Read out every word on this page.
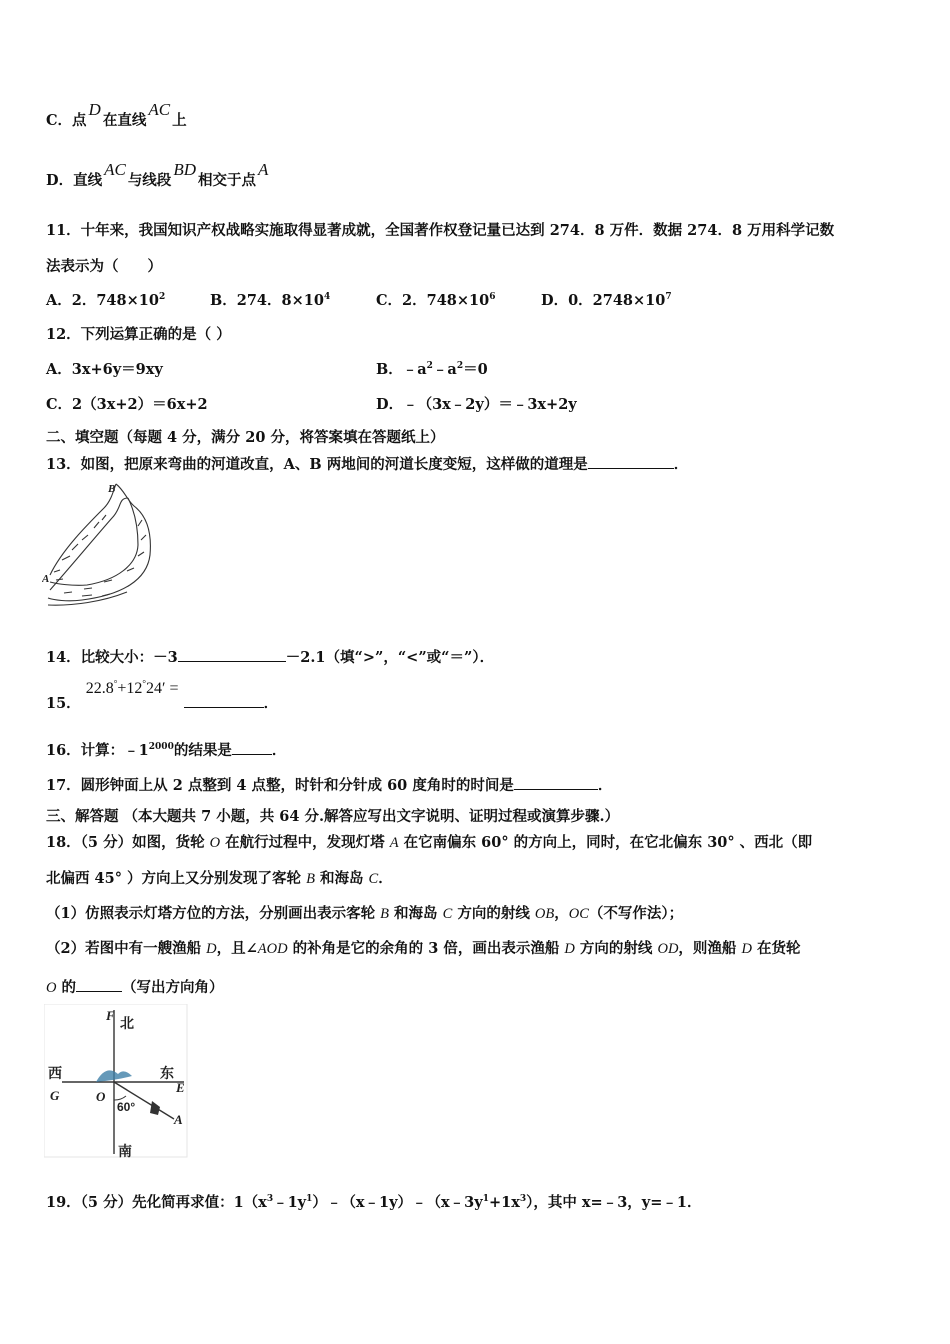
C．点D在直线AC上
D．直线AC与线段BD相交于点A
11．十年来，我国知识产权战略实施取得显著成就，全国著作权登记量已达到 274．8 万件．数据 274．8 万用科学记数
法表示为（　　）
A．2．$748\times 10^2$	B．274．$8\times 10^4$	C．2．$748\times 10^6$	D．0．$2748\times 10^7$
12．下列运算正确的是（ ）
A．3x+6y＝9xy	B．$﹣a^2﹣a^2=0$
C．2（3x+2）＝6x+2	D．﹣（3x﹣2y）＝﹣3x+2y
二、填空题（每题 4 分，满分 20 分，将答案填在答题纸上）
13．如图，把原来弯曲的河道改直，A、B 两地间的河道长度变短，这样做的道理是	．
B
A
14．比较大小：－3	－2.1（填“>”，“<”或“＝”）．
15． 22.8°+12°24′ = ．
16．计算：$﹣1^{2000}$的结果是	．
17．圆形钟面上从 2 点整到 4 点整，时针和分针成 60 度角时的时间是	．
三、解答题 （本大题共 7 小题，共 64 分.解答应写出文字说明、证明过程或演算步骤.）
18．（5 分）如图，货轮 O 在航行过程中，发现灯塔 A 在它南偏东 60° 的方向上，同时，在它北偏东 30° 、西北（即
北偏西 45° ）方向上又分别发现了客轮 B 和海岛 C．
（1）仿照表示灯塔方位的方法，分别画出表示客轮 B 和海岛 C 方向的射线 OB，OC（不写作法）；
（2）若图中有一艘渔船 D，且∠AOD 的补角是它的余角的 3 倍，画出表示渔船 D 方向的射线 OD，则渔船 D 在货轮
O 的	（写出方向角）
F
北
西
G
东
E
O
60°
A
南
19．（5 分）先化简再求值：$1(x^3﹣1y^1)﹣(x﹣1y)﹣(x﹣3y^1+1x^3)$，其中 x=﹣3，y=﹣1．
